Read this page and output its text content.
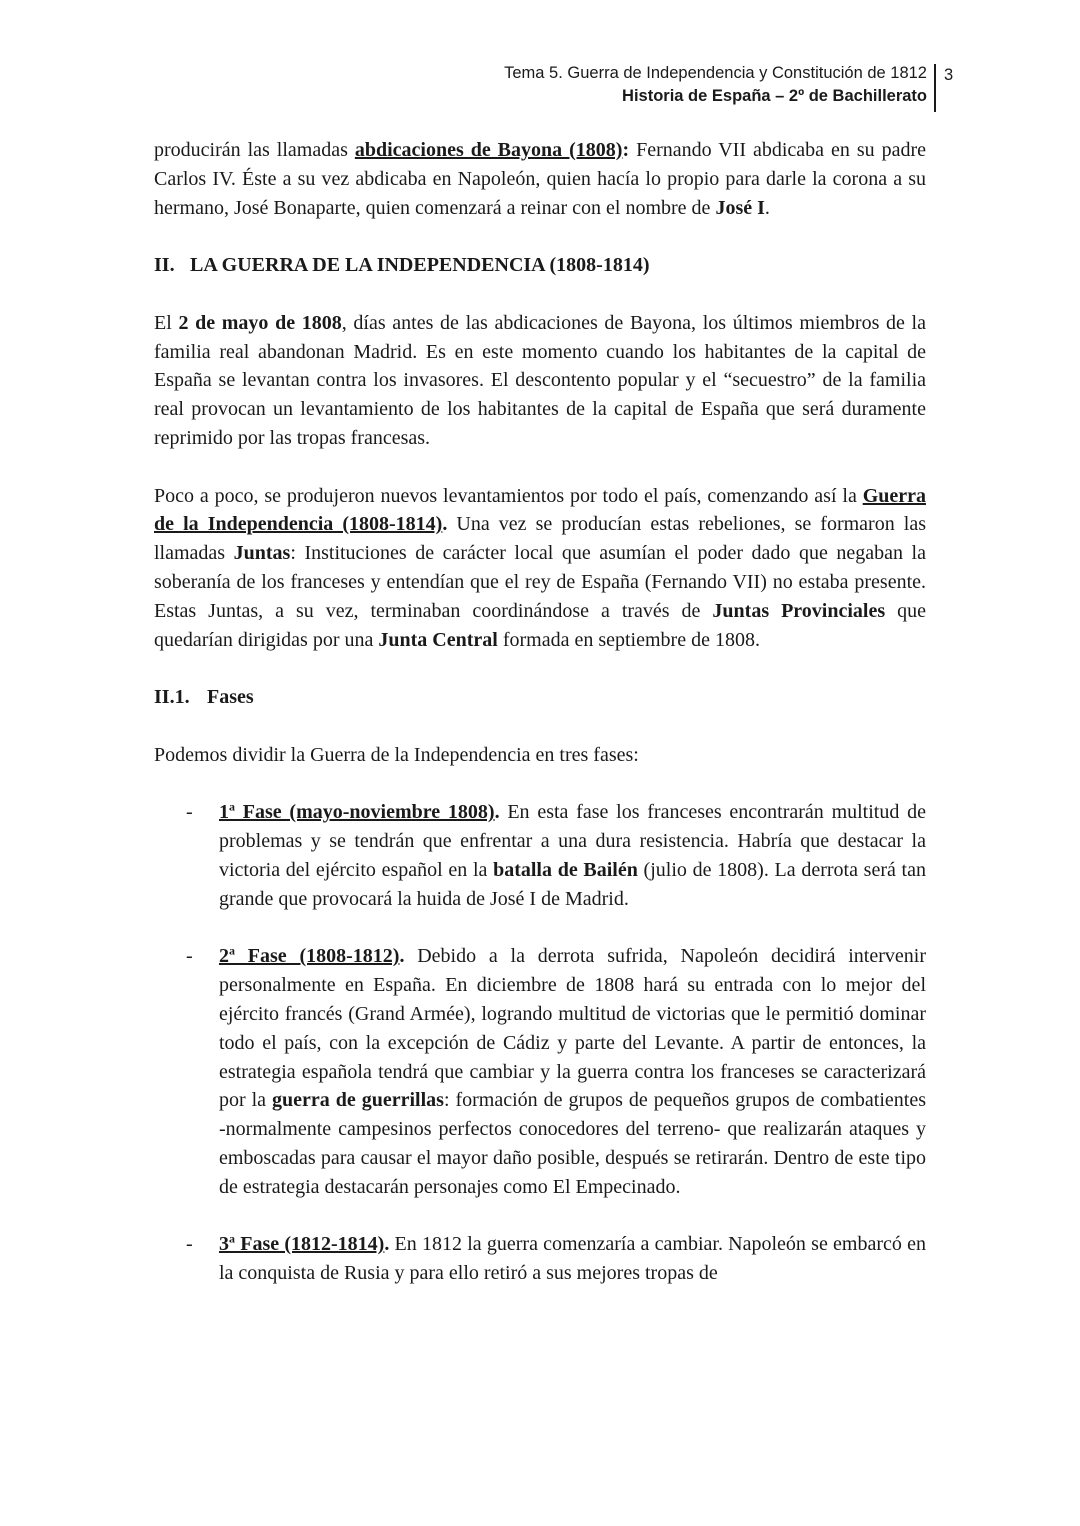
Tema 5. Guerra de Independencia y Constitución de 1812
Historia de España – 2º de Bachillerato
3

producirán las llamadas abdicaciones de Bayona (1808): Fernando VII abdicaba en su padre Carlos IV. Éste a su vez abdicaba en Napoleón, quien hacía lo propio para darle la corona a su hermano, José Bonaparte, quien comenzará a reinar con el nombre de José I.

II. LA GUERRA DE LA INDEPENDENCIA (1808-1814)

El 2 de mayo de 1808, días antes de las abdicaciones de Bayona, los últimos miembros de la familia real abandonan Madrid. Es en este momento cuando los habitantes de la capital de España se levantan contra los invasores. El descontento popular y el “secuestro” de la familia real provocan un levantamiento de los habitantes de la capital de España que será duramente reprimido por las tropas francesas.

Poco a poco, se produjeron nuevos levantamientos por todo el país, comenzando así la Guerra de la Independencia (1808-1814). Una vez se producían estas rebeliones, se formaron las llamadas Juntas: Instituciones de carácter local que asumían el poder dado que negaban la soberanía de los franceses y entendían que el rey de España (Fernando VII) no estaba presente. Estas Juntas, a su vez, terminaban coordinándose a través de Juntas Provinciales que quedarían dirigidas por una Junta Central formada en septiembre de 1808.

II.1. Fases

Podemos dividir la Guerra de la Independencia en tres fases:

- 1$^a$ Fase (mayo-noviembre 1808). En esta fase los franceses encontrarán multitud de problemas y se tendrán que enfrentar a una dura resistencia. Habría que destacar la victoria del ejército español en la batalla de Bailén (julio de 1808). La derrota será tan grande que provocará la huida de José I de Madrid.
- 2$^a$ Fase (1808-1812). Debido a la derrota sufrida, Napoleón decidirá intervenir personalmente en España. En diciembre de 1808 hará su entrada con lo mejor del ejército francés (Grand Armée), logrando multitud de victorias que le permitió dominar todo el país, con la excepción de Cádiz y parte del Levante. A partir de entonces, la estrategia española tendrá que cambiar y la guerra contra los franceses se caracterizará por la guerra de guerrillas: formación de grupos de pequeños grupos de combatientes -normalmente campesinos perfectos conocedores del terreno- que realizarán ataques y emboscadas para causar el mayor daño posible, después se retirarán. Dentro de este tipo de estrategia destacarán personajes como El Empecinado.
- 3$^a$ Fase (1812-1814). En 1812 la guerra comenzaría a cambiar. Napoleón se embarcó en la conquista de Rusia y para ello retiró a sus mejores tropas de
